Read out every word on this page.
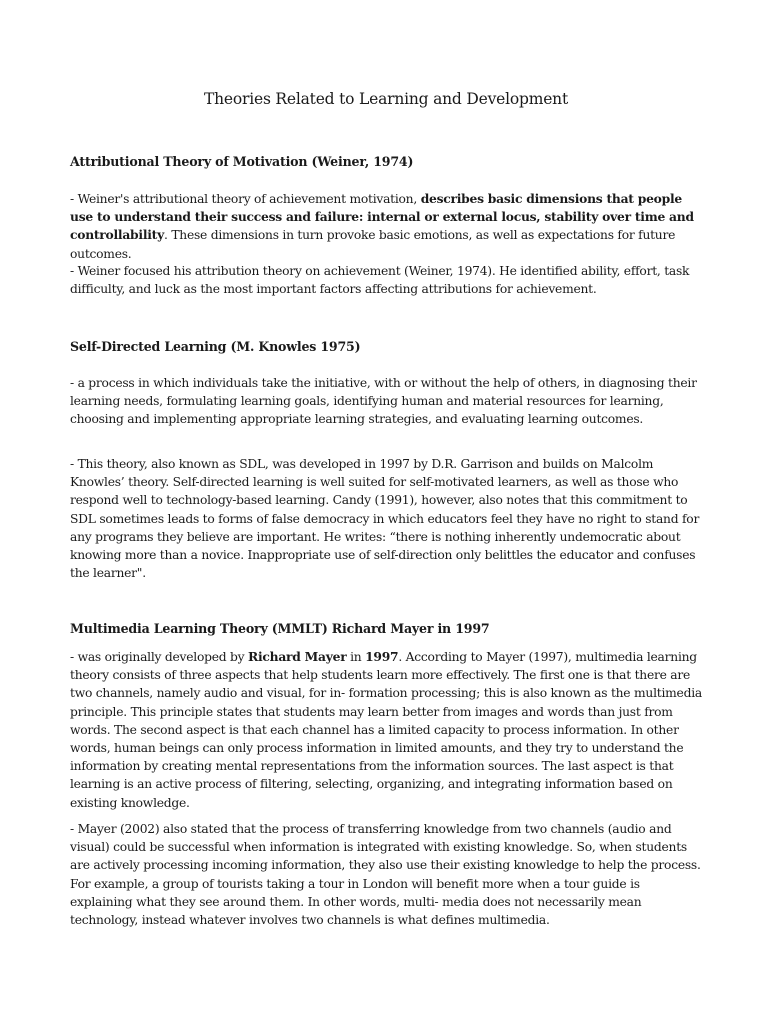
Theories Related to Learning and Development
Attributional Theory of Motivation (Weiner, 1974)

- Weiner's attributional theory of achievement motivation, describes basic dimensions that people use to understand their success and failure: internal or external locus, stability over time and controllability. These dimensions in turn provoke basic emotions, as well as expectations for future outcomes.

- Weiner focused his attribution theory on achievement (Weiner, 1974). He identified ability, effort, task difficulty, and luck as the most important factors affecting attributions for achievement.

Self-Directed Learning (M. Knowles 1975)

- a process in which individuals take the initiative, with or without the help of others, in diagnosing their learning needs, formulating learning goals, identifying human and material resources for learning, choosing and implementing appropriate learning strategies, and evaluating learning outcomes.

- This theory, also known as SDL, was developed in 1997 by D.R. Garrison and builds on Malcolm Knowles’ theory. Self-directed learning is well suited for self-motivated learners, as well as those who respond well to technology-based learning. Candy (1991), however, also notes that this commitment to SDL sometimes leads to forms of false democracy in which educators feel they have no right to stand for any programs they believe are important. He writes: “there is nothing inherently undemocratic about knowing more than a novice. Inappropriate use of self-direction only belittles the educator and confuses the learner".

Multimedia Learning Theory (MMLT) Richard Mayer in 1997

- was originally developed by Richard Mayer in 1997. According to Mayer (1997), multimedia learning theory consists of three aspects that help students learn more effectively. The first one is that there are two channels, namely audio and visual, for in- formation processing; this is also known as the multimedia principle. This principle states that students may learn better from images and words than just from words. The second aspect is that each channel has a limited capacity to process information. In other words, human beings can only process information in limited amounts, and they try to understand the information by creating mental representations from the information sources. The last aspect is that learning is an active process of filtering, selecting, organizing, and integrating information based on existing knowledge.

- Mayer (2002) also stated that the process of transferring knowledge from two channels (audio and visual) could be successful when information is integrated with existing knowledge. So, when students are actively processing incoming information, they also use their existing knowledge to help the process. For example, a group of tourists taking a tour in London will benefit more when a tour guide is explaining what they see around them. In other words, multi- media does not necessarily mean technology, instead whatever involves two channels is what defines multimedia.
